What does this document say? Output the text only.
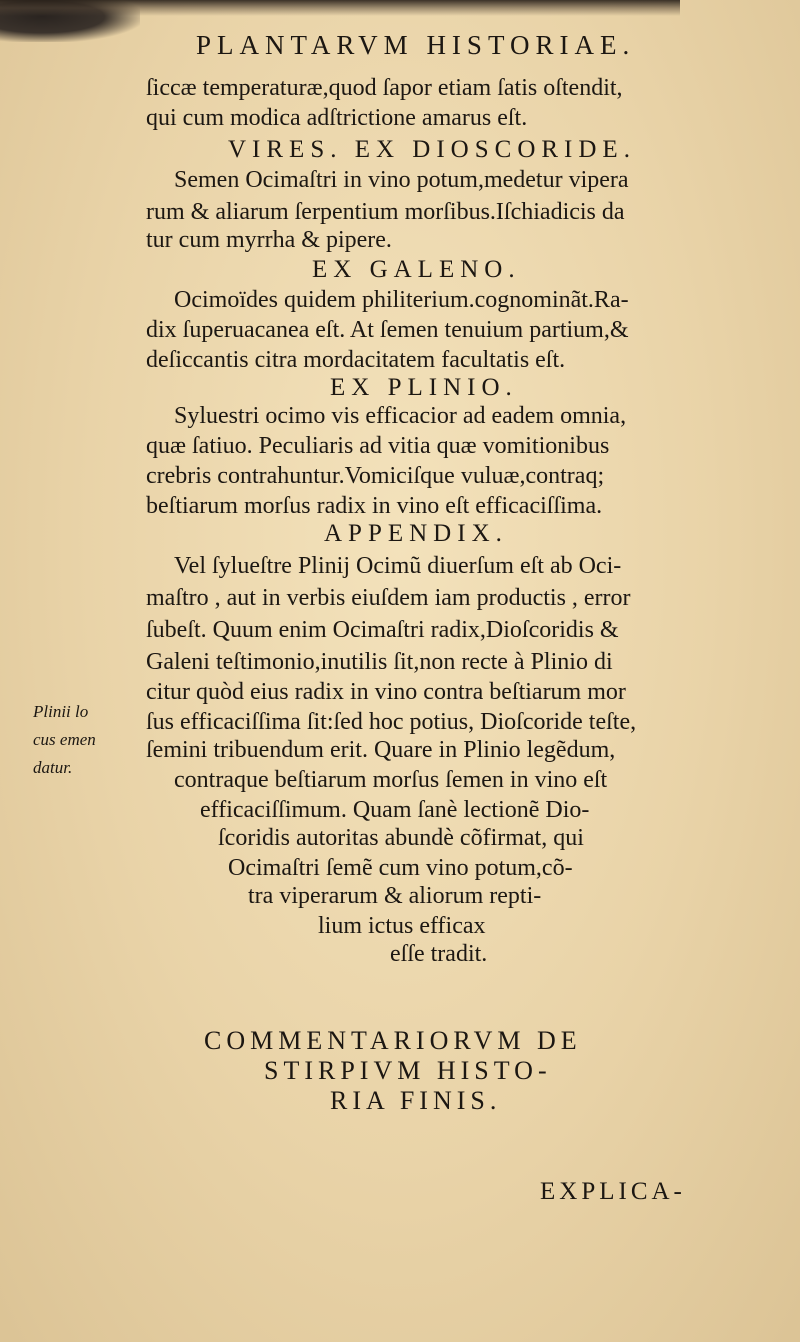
PLANTARVM HISTORIAE.
ſiccæ temperaturæ,quod ſapor etiam ſatis oſtendit,
qui cum modica adſtrictione amarus eſt.
VIRES. EX DIOSCORIDE.
Semen Ocimaſtri in vino potum,medetur vipera
rum & aliarum ſerpentium morſibus.Iſchiadicis da
tur cum myrrha & pipere.
EX GALENO.
Ocimoïdes quidem philiterium.cognominãt.Ra-
dix ſuperuacanea eſt. At ſemen tenuium partium,&
deſiccantis citra mordacitatem facultatis eſt.
EX PLINIO.
Syluestri ocimo vis efficacior ad eadem omnia,
quæ ſatiuo. Peculiaris ad vitia quæ vomitionibus
crebris contrahuntur.Vomiciſque vuluæ,contraq;
beſtiarum morſus radix in vino eſt efficaciſſima.
APPENDIX.
Vel ſylueſtre Plinij Ocimũ diuerſum eſt ab Oci-
maſtro , aut in verbis eiuſdem iam productis , error
ſubeſt. Quum enim Ocimaſtri radix,Dioſcoridis &
Galeni teſtimonio,inutilis ſit,non recte à Plinio di
citur quòd eius radix in vino contra beſtiarum mor
ſus efficaciſſima ſit:ſed hoc potius, Dioſcoride teſte,
ſemini tribuendum erit. Quare in Plinio legẽdum,
contraque beſtiarum morſus ſemen in vino eſt
efficaciſſimum. Quam ſanè lectionẽ Dio-
ſcoridis autoritas abundè cõfirmat, qui
Ocimaſtri ſemẽ cum vino potum,cõ-
tra viperarum & aliorum repti-
lium ictus efficax
eſſe tradit.
Plinii lo
cus emen
datur.
COMMENTARIORVM DE
STIRPIVM HISTO-
RIA FINIS.
EXPLICA-
